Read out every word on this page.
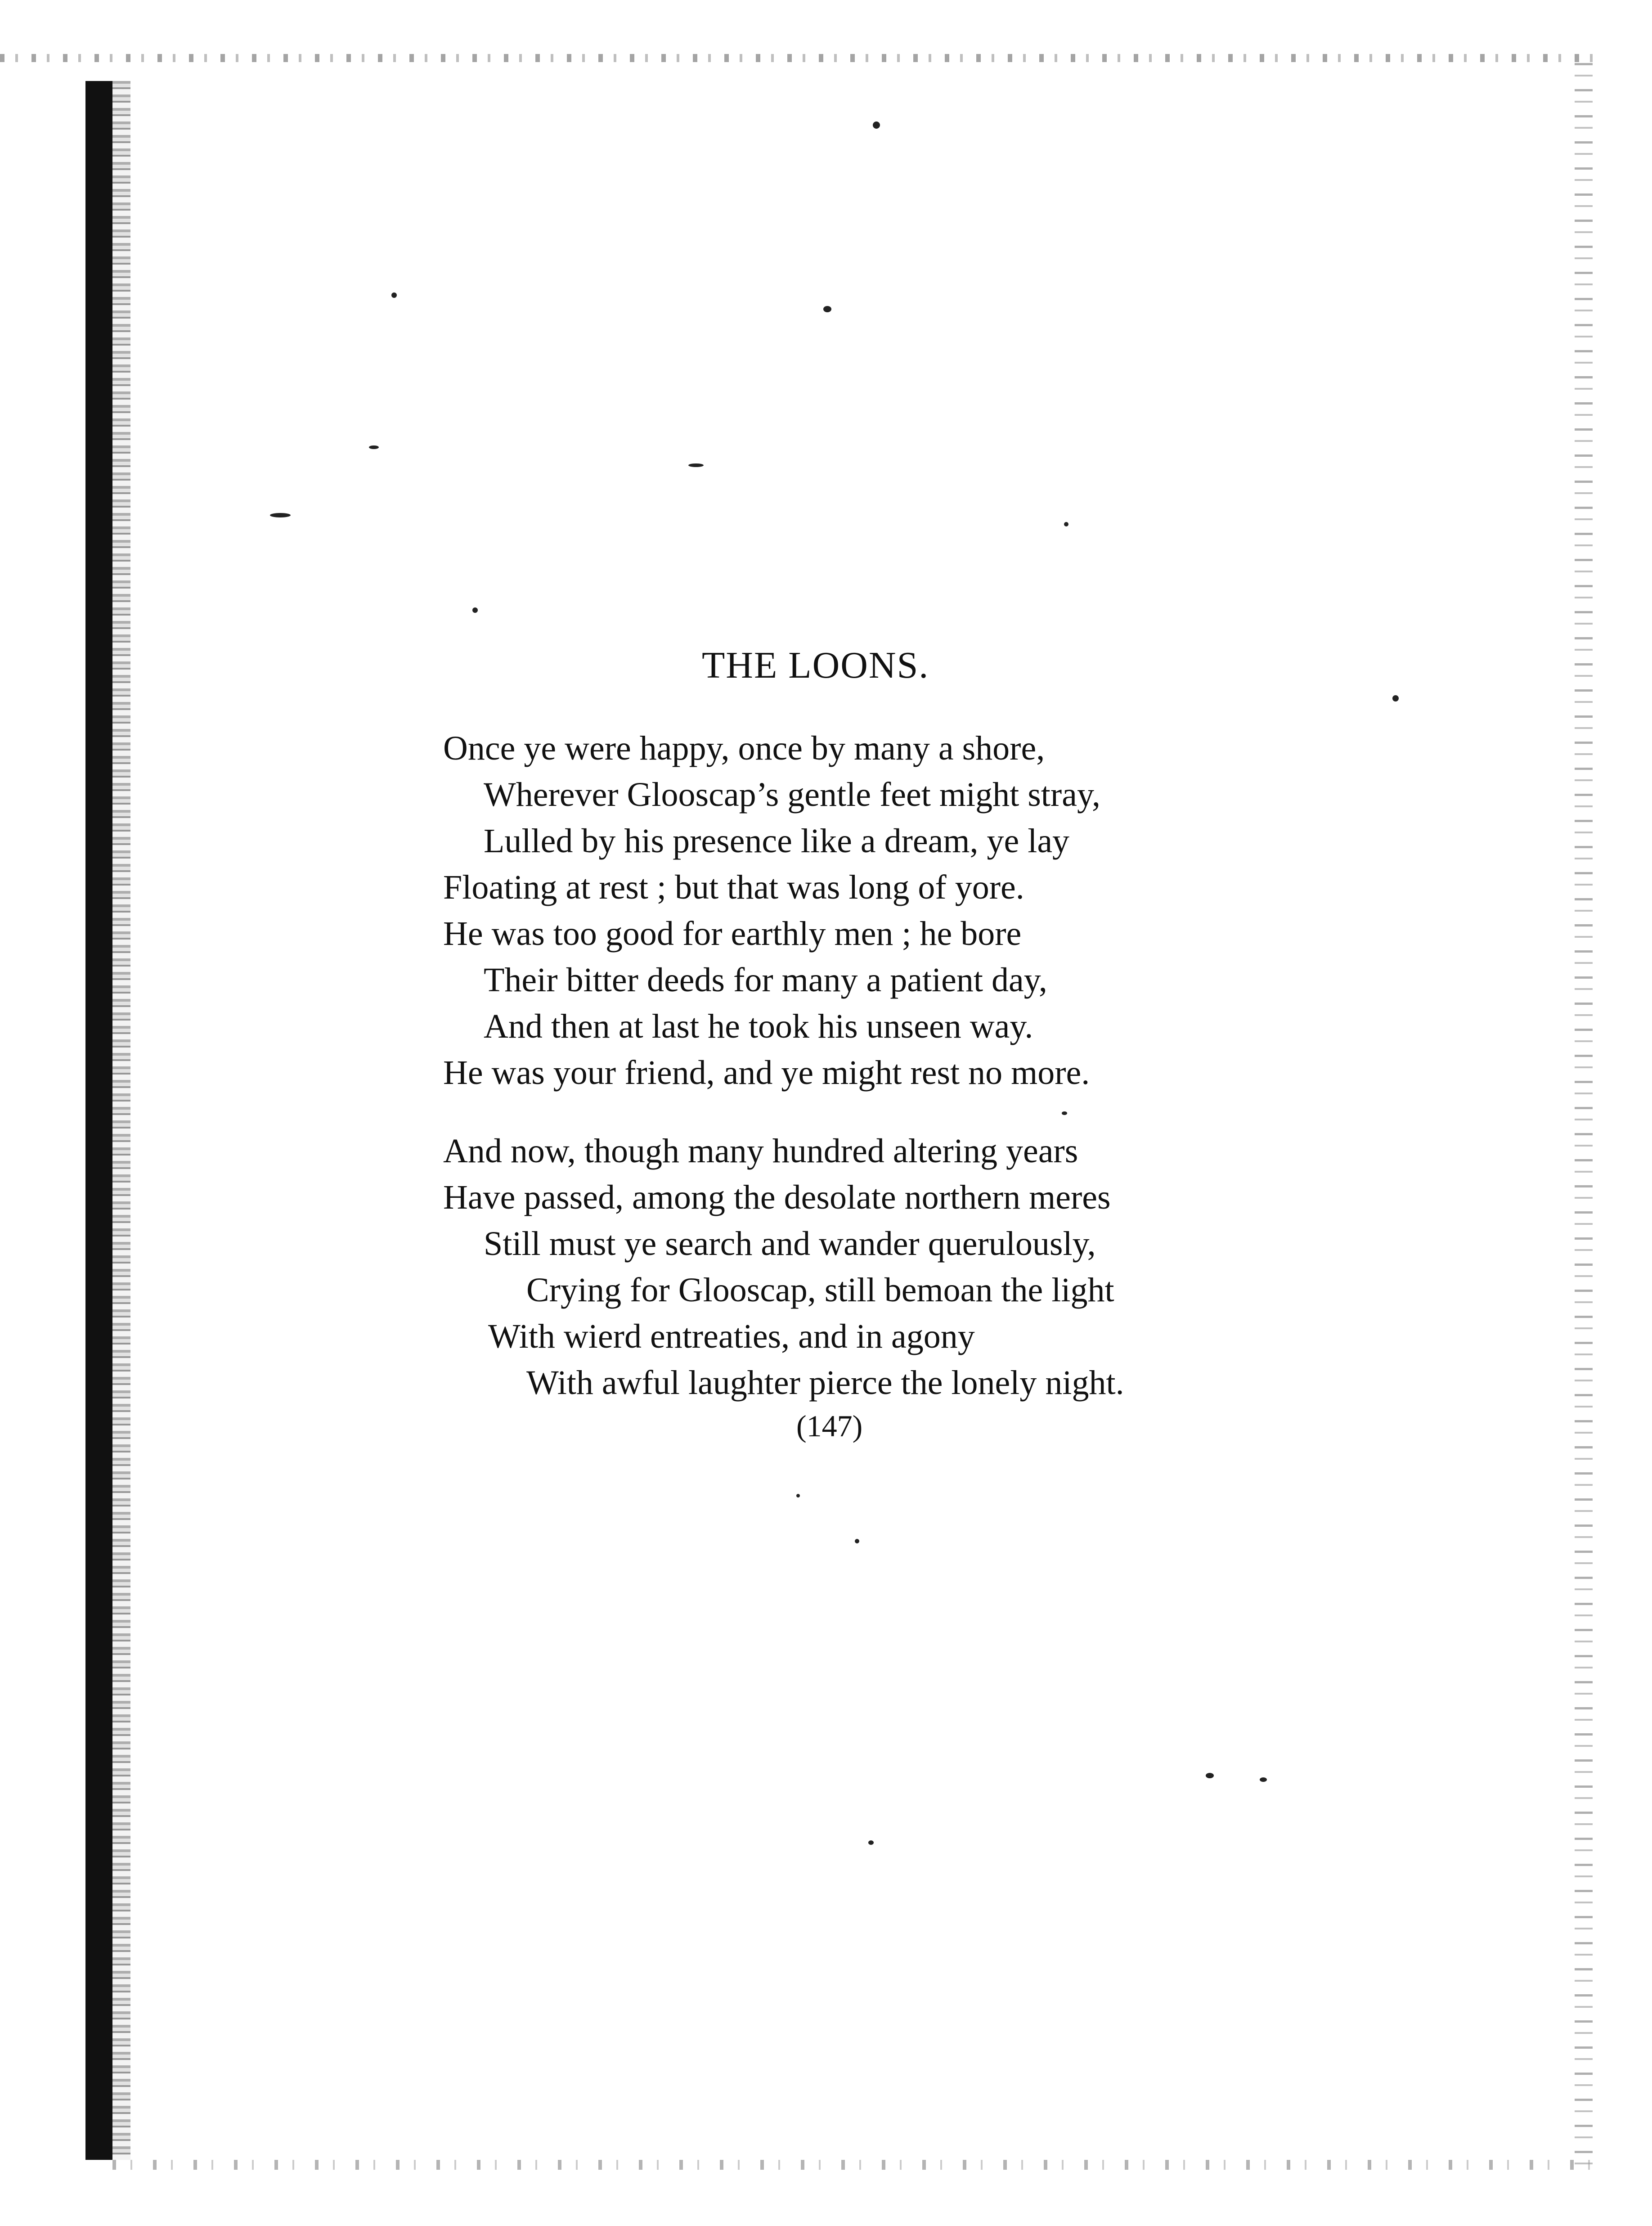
THE LOONS.
Once ye were happy, once by many a shore,
Wherever Glooscap’s gentle feet might stray,
Lulled by his presence like a dream, ye lay
Floating at rest ; but that was long of yore.
He was too good for earthly men ; he bore
Their bitter deeds for many a patient day,
And then at last he took his unseen way.
He was your friend, and ye might rest no more.
And now, though many hundred altering years
Have passed, among the desolate northern meres
Still must ye search and wander querulously,
Crying for Glooscap, still bemoan the light
With wierd entreaties, and in agony
With awful laughter pierce the lonely night.
(147)
